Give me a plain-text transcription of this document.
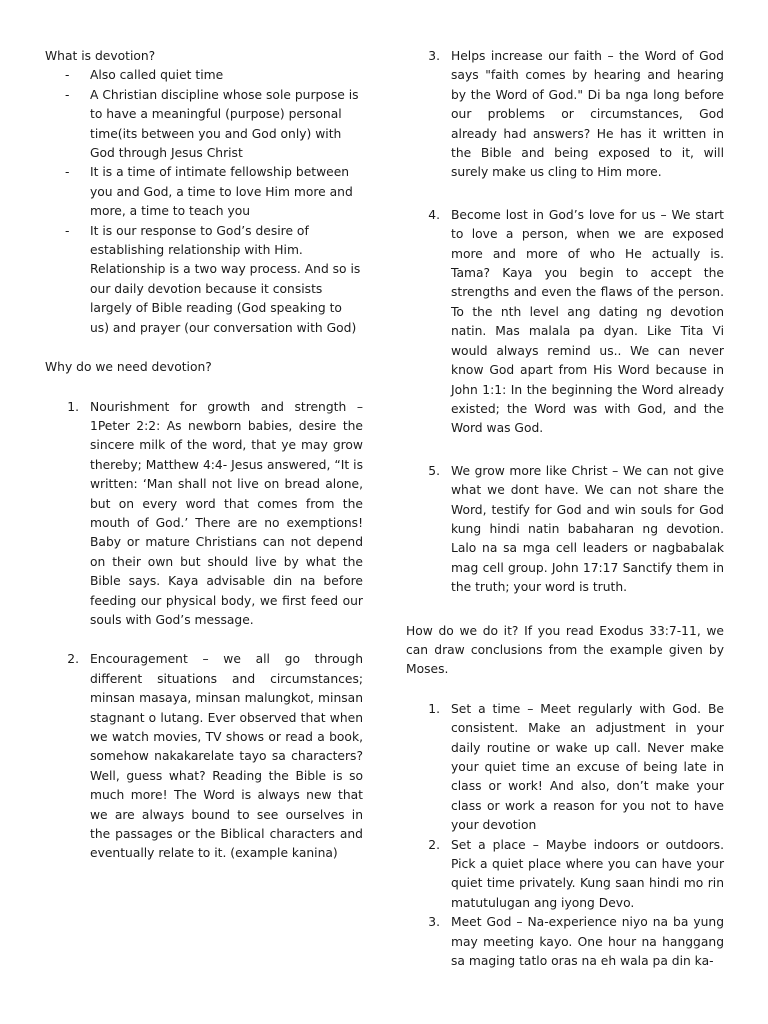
What is devotion?

- Also called quiet time
- A Christian discipline whose sole purpose is to have a meaningful (purpose) personal time(its between you and God only) with God through Jesus Christ
- It is a time of intimate fellowship between you and God, a time to love Him more and more, a time to teach you
- It is our response to God’s desire of establishing relationship with Him. Relationship is a two way process. And so is our daily devotion because it consists largely of Bible reading (God speaking to us) and prayer (our conversation with God)

Why do we need devotion?

1. Nourishment for growth and strength – 1Peter 2:2: As newborn babies, desire the sincere milk of the word, that ye may grow thereby; Matthew 4:4- Jesus answered, “It is written: ‘Man shall not live on bread alone, but on every word that comes from the mouth of God.’ There are no exemptions! Baby or mature Christians can not depend on their own but should live by what the Bible says. Kaya advisable din na before feeding our physical body, we first feed our souls with God’s message.
2. Encouragement – we all go through different situations and circumstances; minsan masaya, minsan malungkot, minsan stagnant o lutang. Ever observed that when we watch movies, TV shows or read a book, somehow nakakarelate tayo sa characters? Well, guess what? Reading the Bible is so much more! The Word is always new that we are always bound to see ourselves in the passages or the Biblical characters and eventually relate to it. (example kanina)
3. Helps increase our faith – the Word of God says "faith comes by hearing and hearing by the Word of God." Di ba nga long before our problems or circumstances, God already had answers? He has it written in the Bible and being exposed to it, will surely make us cling to Him more.
4. Become lost in God’s love for us – We start to love a person, when we are exposed more and more of who He actually is. Tama? Kaya you begin to accept the strengths and even the flaws of the person. To the nth level ang dating ng devotion natin. Mas malala pa dyan. Like Tita Vi would always remind us.. We can never know God apart from His Word because in John 1:1: In the beginning the Word already existed; the Word was with God, and the Word was God.
5. We grow more like Christ – We can not give what we dont have. We can not share the Word, testify for God and win souls for God kung hindi natin babaharan ng devotion. Lalo na sa mga cell leaders or nagbabalak mag cell group. John 17:17 Sanctify them in the truth; your word is truth.

How do we do it? If you read Exodus 33:7-11, we can draw conclusions from the example given by Moses.

1. Set a time – Meet regularly with God. Be consistent. Make an adjustment in your daily routine or wake up call. Never make your quiet time an excuse of being late in class or work! And also, don’t make your class or work a reason for you not to have your devotion
2. Set a place – Maybe indoors or outdoors. Pick a quiet place where you can have your quiet time privately. Kung saan hindi mo rin matutulugan ang iyong Devo.
3. Meet God – Na-experience niyo na ba yung may meeting kayo. One hour na hanggang sa maging tatlo oras na eh wala pa din ka-
